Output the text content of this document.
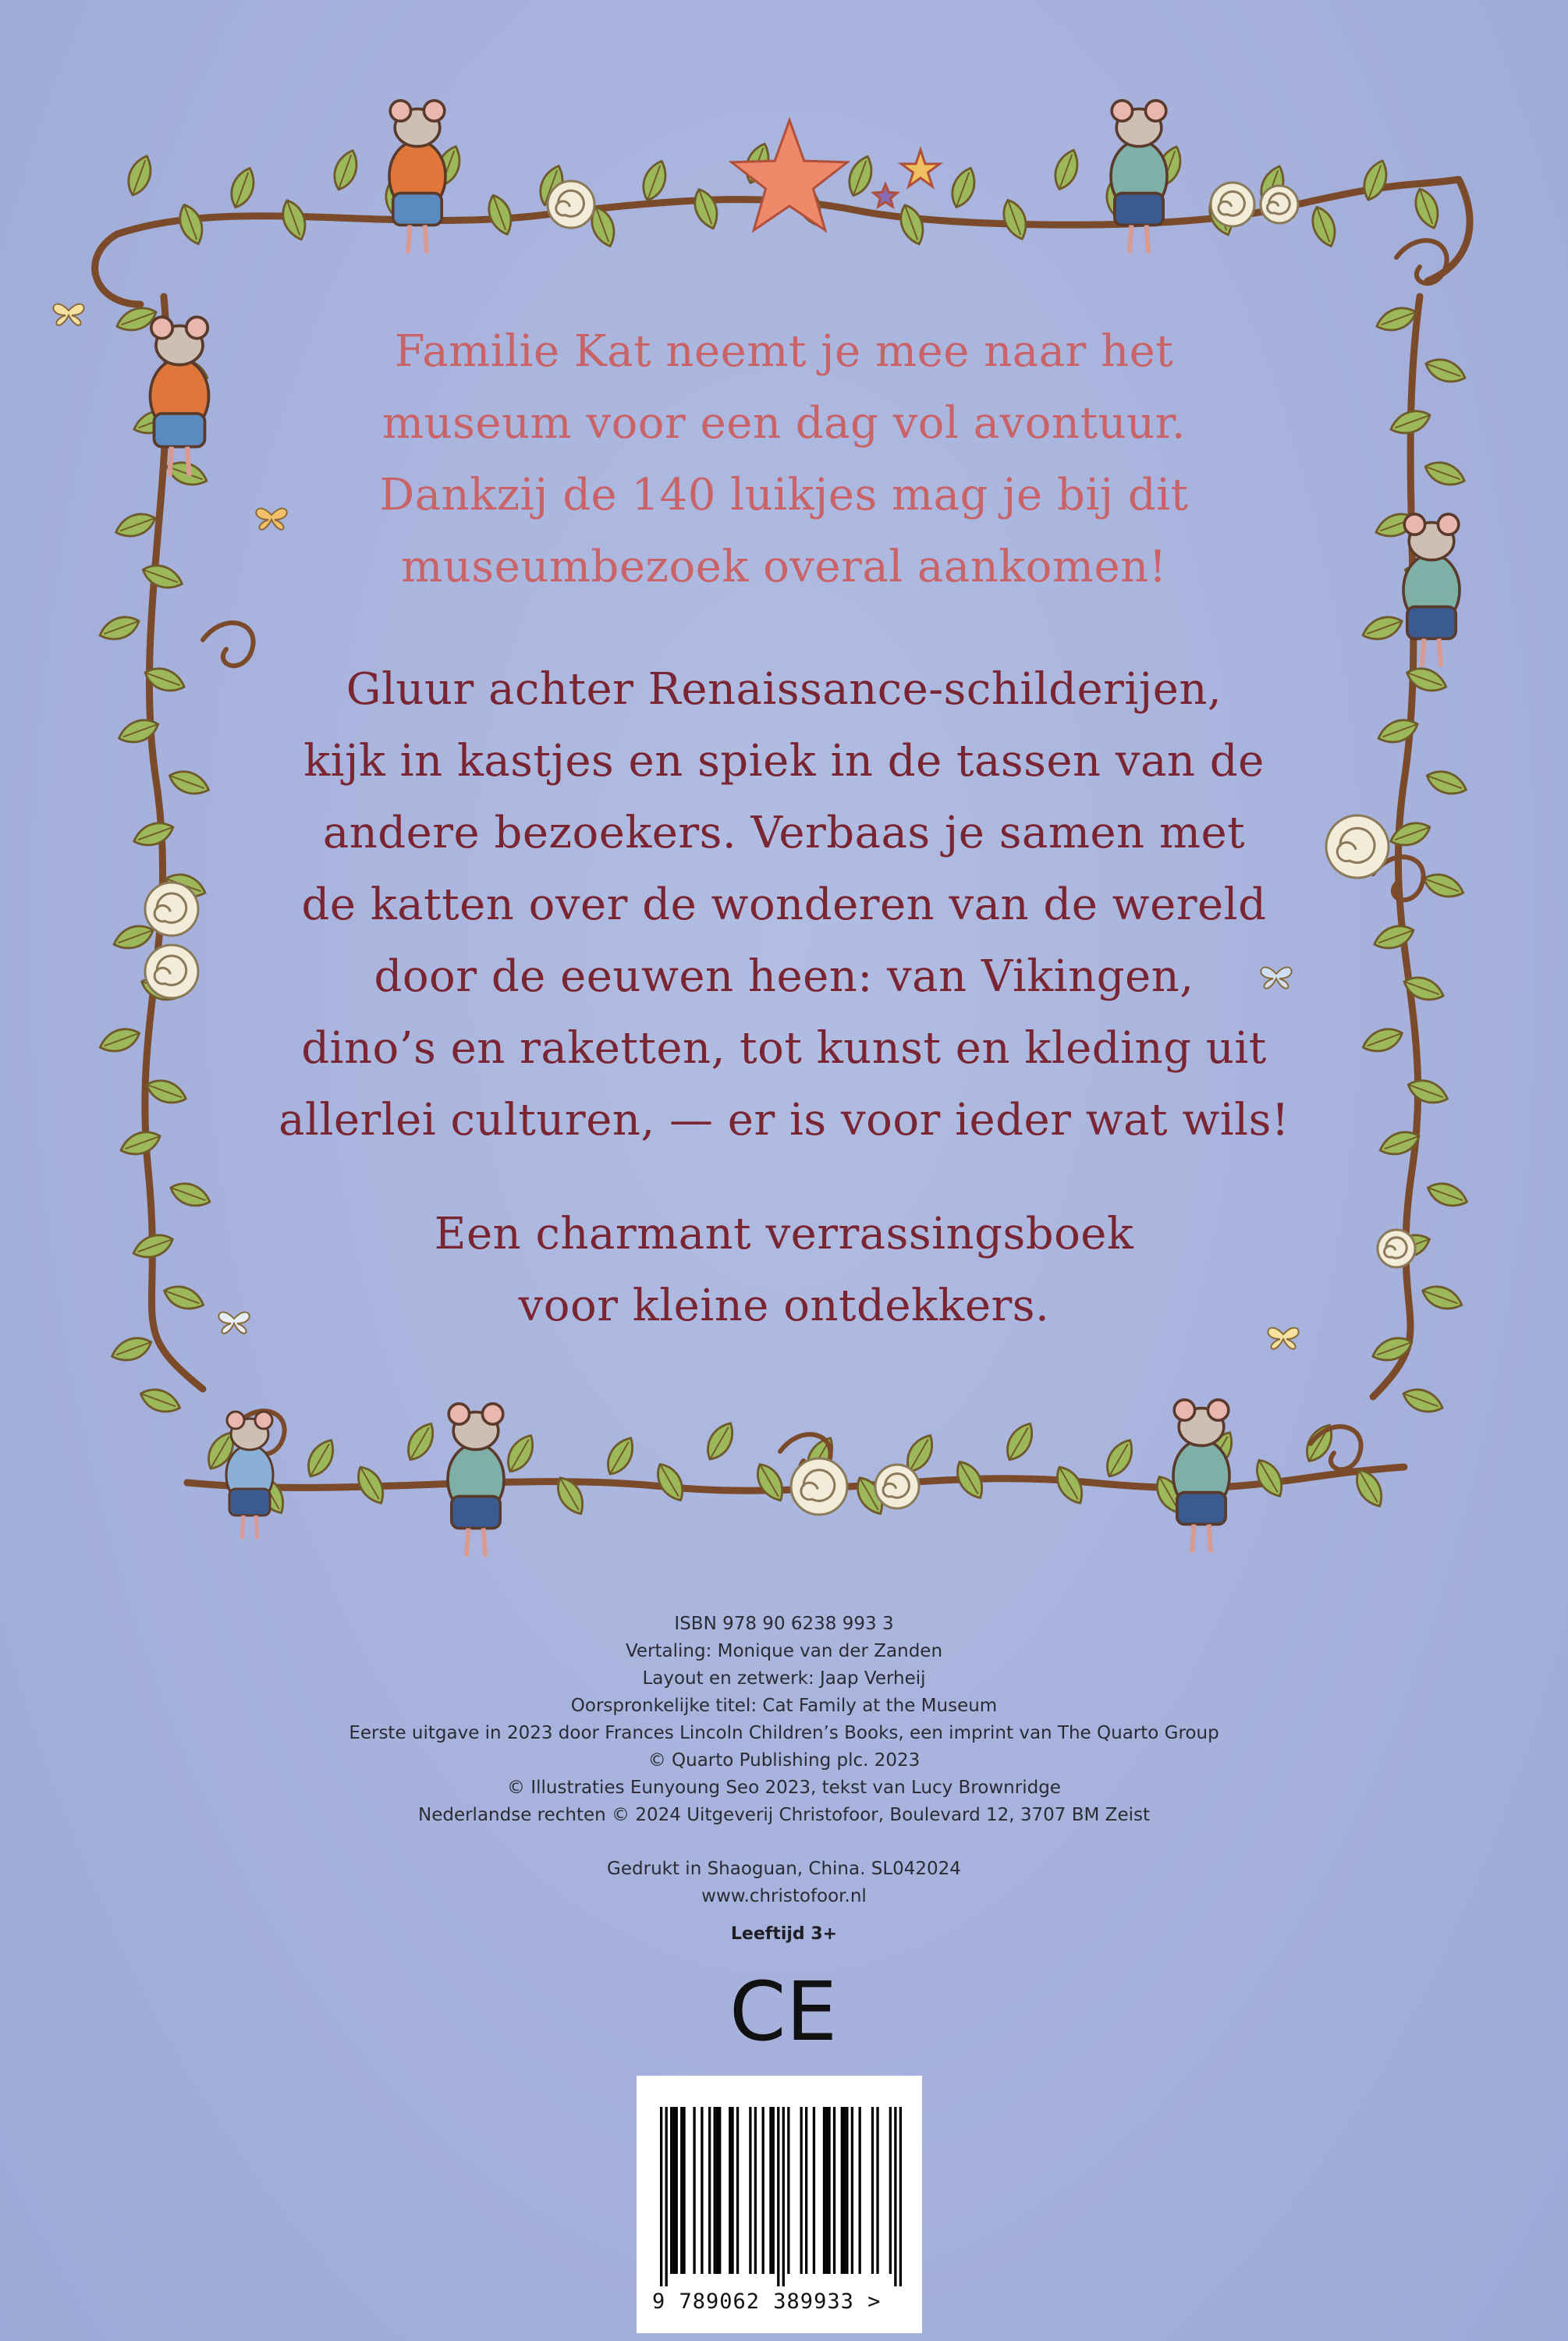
Familie Kat neemt je mee naar het
museum voor een dag vol avontuur.
Dankzij de 140 luikjes mag je bij dit
museumbezoek overal aankomen!
Gluur achter Renaissance-schilderijen,
kijk in kastjes en spiek in de tassen van de
andere bezoekers. Verbaas je samen met
de katten over de wonderen van de wereld
door de eeuwen heen: van Vikingen,
dino’s en raketten, tot kunst en kleding uit
allerlei culturen, — er is voor ieder wat wils!
Een charmant verrassingsboek
voor kleine ontdekkers.
ISBN 978 90 6238 993 3
Vertaling: Monique van der Zanden
Layout en zetwerk: Jaap Verheij
Oorspronkelijke titel: Cat Family at the Museum
Eerste uitgave in 2023 door Frances Lincoln Children’s Books, een imprint van The Quarto Group
© Quarto Publishing plc. 2023
© Illustraties Eunyoung Seo 2023, tekst van Lucy Brownridge
Nederlandse rechten © 2024 Uitgeverij Christofoor, Boulevard 12, 3707 BM Zeist
Gedrukt in Shaoguan, China. SL042024
www.christofoor.nl
Leeftijd 3+
CE
9 789062 389933 >
